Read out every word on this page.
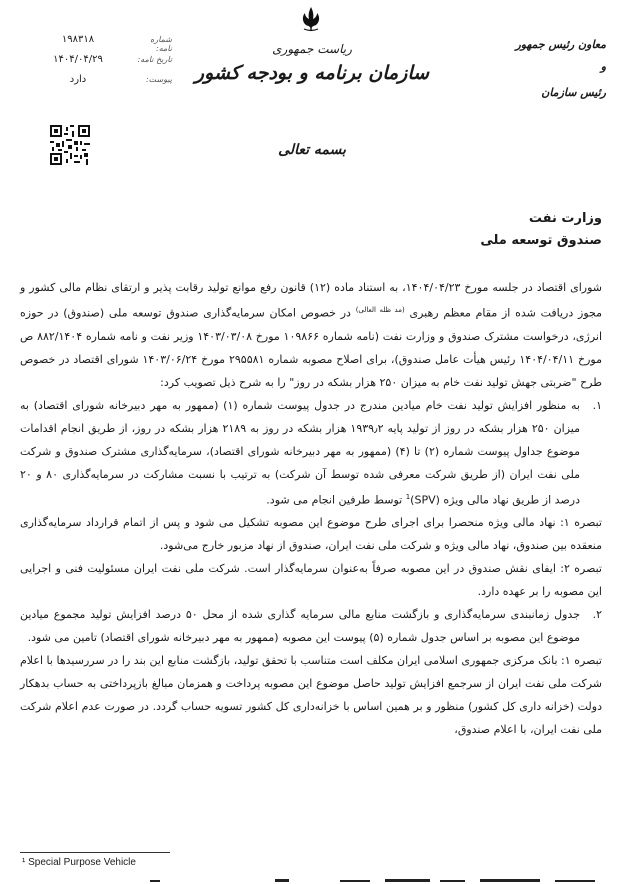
ریاست جمهوری
سازمان برنامه و بودجه کشور
شماره نامه:
۱۹۸۳۱۸
تاریخ نامه:
۱۴۰۴/۰۴/۲۹
پیوست:
دارد
معاون رئیس جمهور
و
رئیس سازمان
بسمه تعالی
وزارت نفت
صندوق توسعه ملی

شورای اقتصاد در جلسه مورخ ۱۴۰۴/۰۴/۲۳، به استناد ماده (۱۲) قانون رفع موانع تولید رقابت پذیر و ارتقای نظام مالی کشور و مجوز دریافت شده از مقام معظم رهبری $^{(مد ظله العالی)}$ در خصوص امکان سرمایه‌گذاری صندوق توسعه ملی (صندوق) در حوزه انرژی، درخواست مشترک صندوق و وزارت نفت (نامه شماره ۱۰۹۸۶۶ مورخ ۱۴۰۳/۰۳/۰۸ وزیر نفت و نامه شماره ۸۸۲/۱۴۰۴ ص مورخ ۱۴۰۴/۰۴/۱۱ رئیس هیأت عامل صندوق)، برای اصلاح مصوبه شماره ۲۹۵۵۸۱ مورخ ۱۴۰۳/۰۶/۲۴ شورای اقتصاد در خصوص طرح "ضربتی جهش تولید نفت خام به میزان ۲۵۰ هزار بشکه در روز" را به شرح ذیل تصویب کرد:

۱.
به منظور افزایش تولید نفت خام میادین مندرج در جدول پیوست شماره (۱) (ممهور به مهر دبیرخانه شورای اقتصاد) به میزان ۲۵۰ هزار بشکه در روز از تولید پایه ۱۹۳۹٫۲ هزار بشکه در روز به ۲۱۸۹ هزار بشکه در روز، از طریق انجام اقدامات موضوع جداول پیوست شماره (۲) تا (۴) (ممهور به مهر دبیرخانه شورای اقتصاد)، سرمایه‌گذاری مشترک صندوق و شرکت ملی نفت ایران (از طریق شرکت معرفی شده توسط آن شرکت) به ترتیب با نسبت مشارکت در سرمایه‌گذاری ۸۰ و ۲۰ درصد از طریق نهاد مالی ویژه (SPV)$^1$ توسط طرفین انجام می شود.

تبصره ۱: نهاد مالی ویژه منحصرا برای اجرای طرح موضوع این مصوبه تشکیل می شود و پس از اتمام قرارداد سرمایه‌گذاری منعقده بین صندوق، نهاد مالی ویژه و شرکت ملی نفت ایران، صندوق از نهاد مزبور خارج می‌شود.

تبصره ۲: ایفای نقش صندوق در این مصوبه صرفاً به‌عنوان سرمایه‌گذار است. شرکت ملی نفت ایران مسئولیت فنی و اجرایی این مصوبه را بر عهده دارد.

۲.
جدول زمانبندی سرمایه‌گذاری و بازگشت منابع مالی سرمایه گذاری شده از محل ۵۰ درصد افزایش تولید مجموع میادین موضوع این مصوبه بر اساس جدول شماره (۵) پیوست این مصوبه (ممهور به مهر دبیرخانه شورای اقتصاد) تامین می شود.

تبصره ۱: بانک مرکزی جمهوری اسلامی ایران مکلف است متناسب با تحقق تولید، بازگشت منابع این بند را در سررسیدها با اعلام شرکت ملی نفت ایران از سرجمع افزایش تولید حاصل موضوع این مصوبه پرداخت و همزمان مبالغ بازپرداختی به حساب بدهکار دولت (خزانه داری کل کشور) منظور و بر همین اساس با خزانه‌داری کل کشور تسویه حساب گردد. در صورت عدم اعلام شرکت ملی نفت ایران، با اعلام صندوق،

¹ Special Purpose Vehicle
